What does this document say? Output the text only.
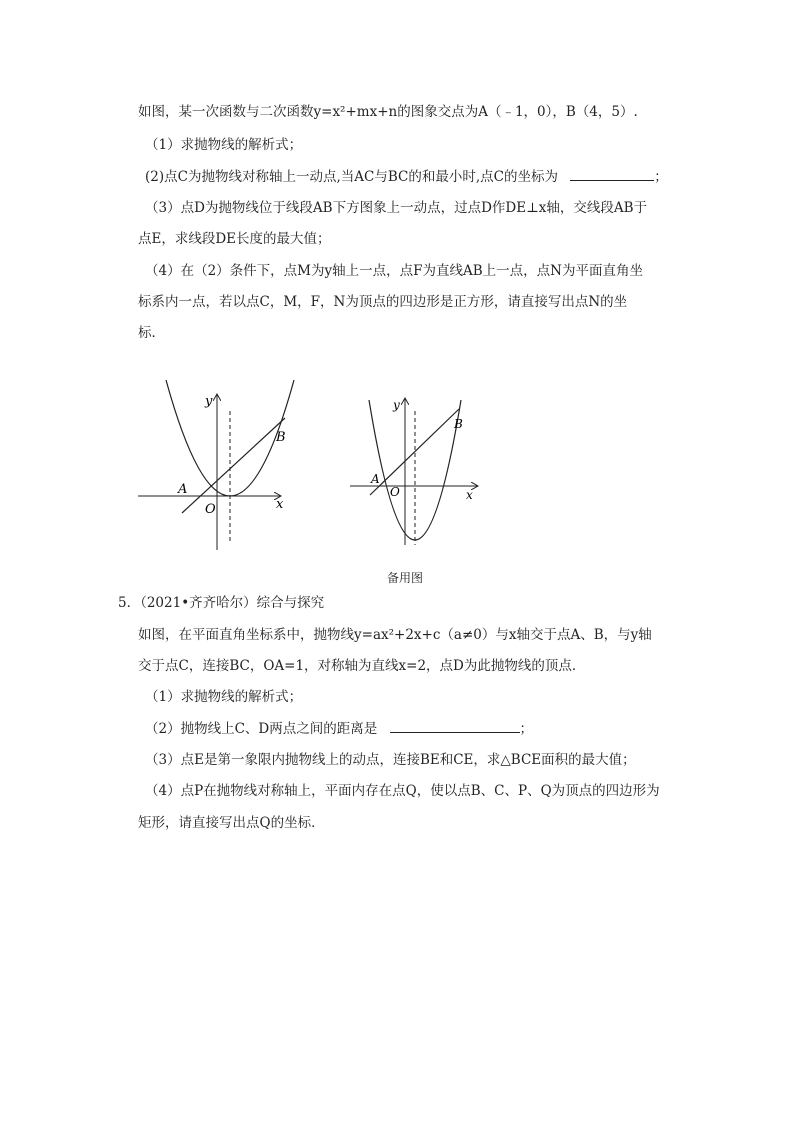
如图，某一次函数与二次函数y=x²+mx+n的图象交点为A（﹣1，0），B（4，5）.
（1）求抛物线的解析式；
(2)点C为抛物线对称轴上一动点,当AC与BC的和最小时,点C的坐标为	；
（3）点D为抛物线位于线段AB下方图象上一动点，过点D作DE⊥x轴，交线段AB于
点E，求线段DE长度的最大值；
（4）在（2）条件下，点M为y轴上一点，点F为直线AB上一点，点N为平面直角坐
标系内一点，若以点C，M，F，N为顶点的四边形是正方形，请直接写出点N的坐
标．
y
x
A
B
O
y
x
A
B
O
备用图
5．（2021•齐齐哈尔）综合与探究
如图，在平面直角坐标系中，抛物线y=ax²+2x+c（a≠0）与x轴交于点A、B，与y轴
交于点C，连接BC，OA=1，对称轴为直线x=2，点D为此抛物线的顶点．
（1）求抛物线的解析式；
（2）抛物线上C、D两点之间的距离是	；
（3）点E是第一象限内抛物线上的动点，连接BE和CE，求△BCE面积的最大值；
（4）点P在抛物线对称轴上，平面内存在点Q，使以点B、C、P、Q为顶点的四边形为
矩形，请直接写出点Q的坐标．
